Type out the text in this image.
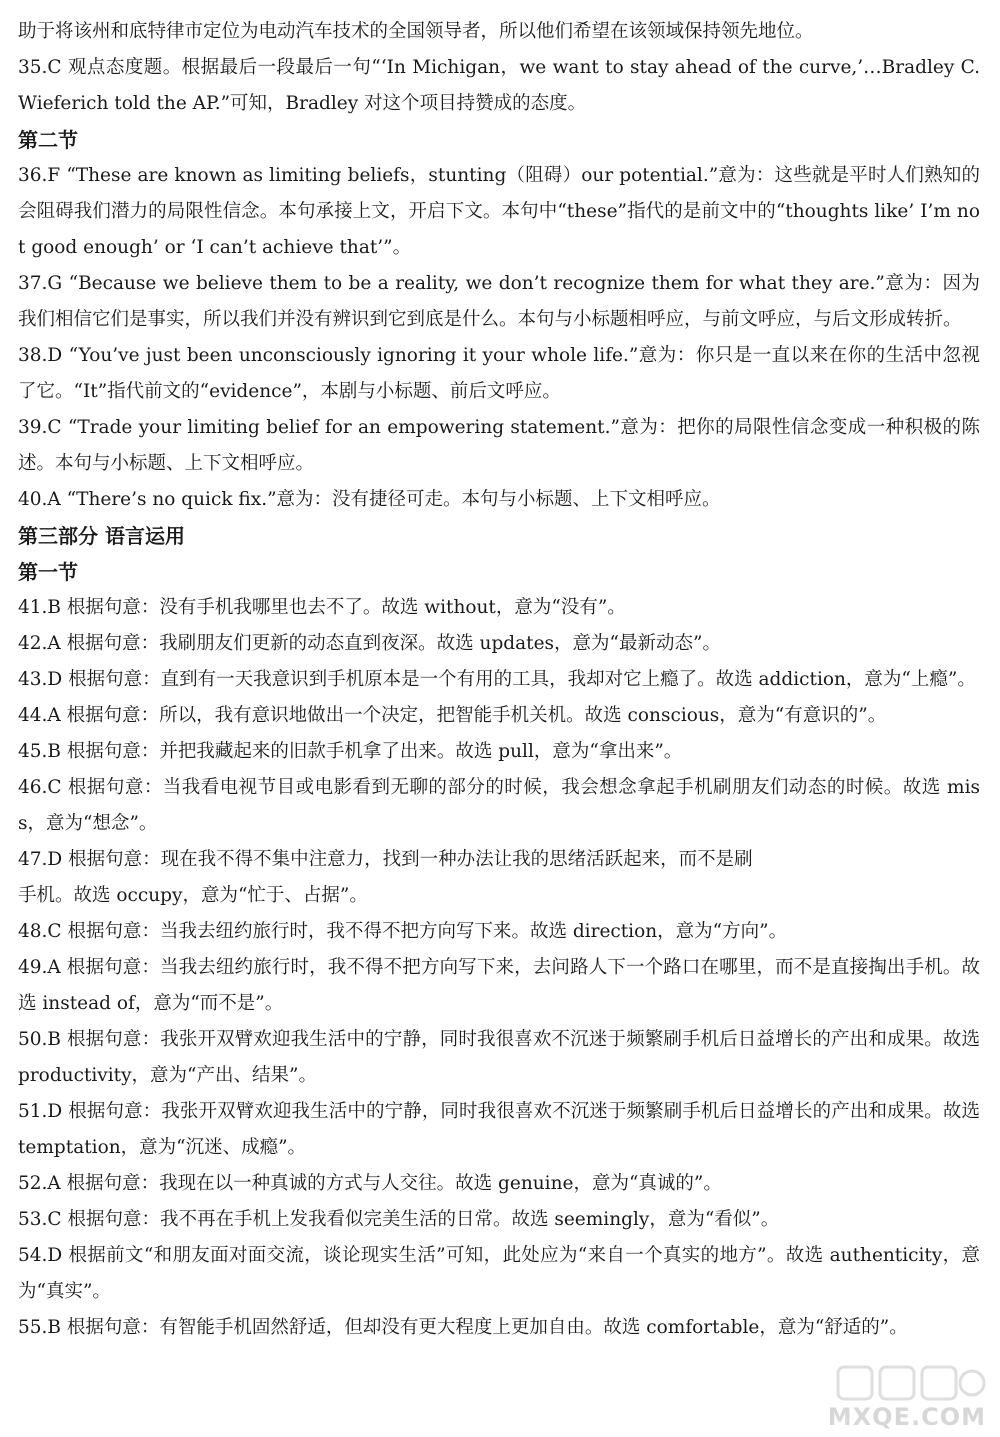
助于将该州和底特律市定位为电动汽车技术的全国领导者，所以他们希望在该领域保持领先地位。

35.C 观点态度题。根据最后一段最后一句“‘In Michigan，we want to stay ahead of the curve,’…Bradley C. Wieferich told the AP.”可知，Bradley 对这个项目持赞成的态度。

第二节

36.F “These are known as limiting beliefs，stunting（阻碍）our potential.”意为：这些就是平时人们熟知的会阻碍我们潜力的局限性信念。本句承接上文，开启下文。本句中“these”指代的是前文中的“thoughts like’ I’m not good enough’ or ‘I can’t achieve that’”。

37.G “Because we believe them to be a reality, we don’t recognize them for what they are.”意为：因为我们相信它们是事实，所以我们并没有辨识到它到底是什么。本句与小标题相呼应，与前文呼应，与后文形成转折。

38.D “You’ve just been unconsciously ignoring it your whole life.”意为：你只是一直以来在你的生活中忽视了它。“It”指代前文的“evidence”，本剧与小标题、前后文呼应。

39.C “Trade your limiting belief for an empowering statement.”意为：把你的局限性信念变成一种积极的陈述。本句与小标题、上下文相呼应。

40.A “There’s no quick fix.”意为：没有捷径可走。本句与小标题、上下文相呼应。

第三部分 语言运用

第一节

41.B 根据句意：没有手机我哪里也去不了。故选 without，意为“没有”。

42.A 根据句意：我刷朋友们更新的动态直到夜深。故选 updates，意为“最新动态”。

43.D 根据句意：直到有一天我意识到手机原本是一个有用的工具，我却对它上瘾了。故选 addiction，意为“上瘾”。

44.A 根据句意：所以，我有意识地做出一个决定，把智能手机关机。故选 conscious，意为“有意识的”。

45.B 根据句意：并把我藏起来的旧款手机拿了出来。故选 pull，意为“拿出来”。

46.C 根据句意：当我看电视节目或电影看到无聊的部分的时候，我会想念拿起手机刷朋友们动态的时候。故选 miss，意为“想念”。

47.D 根据句意：现在我不得不集中注意力，找到一种办法让我的思绪活跃起来，而不是刷

手机。故选 occupy，意为“忙于、占据”。

48.C 根据句意：当我去纽约旅行时，我不得不把方向写下来。故选 direction，意为“方向”。

49.A 根据句意：当我去纽约旅行时，我不得不把方向写下来，去问路人下一个路口在哪里，而不是直接掏出手机。故选 instead of，意为“而不是”。

50.B 根据句意：我张开双臂欢迎我生活中的宁静，同时我很喜欢不沉迷于频繁刷手机后日益增长的产出和成果。故选 productivity，意为“产出、结果”。

51.D 根据句意：我张开双臂欢迎我生活中的宁静，同时我很喜欢不沉迷于频繁刷手机后日益增长的产出和成果。故选 temptation，意为“沉迷、成瘾”。

52.A 根据句意：我现在以一种真诚的方式与人交往。故选 genuine，意为“真诚的”。

53.C 根据句意：我不再在手机上发我看似完美生活的日常。故选 seemingly，意为“看似”。

54.D 根据前文“和朋友面对面交流，谈论现实生活”可知，此处应为“来自一个真实的地方”。故选 authenticity，意为“真实”。

55.B 根据句意：有智能手机固然舒适，但却没有更大程度上更加自由。故选 comfortable，意为“舒适的”。

MXQE.COM
